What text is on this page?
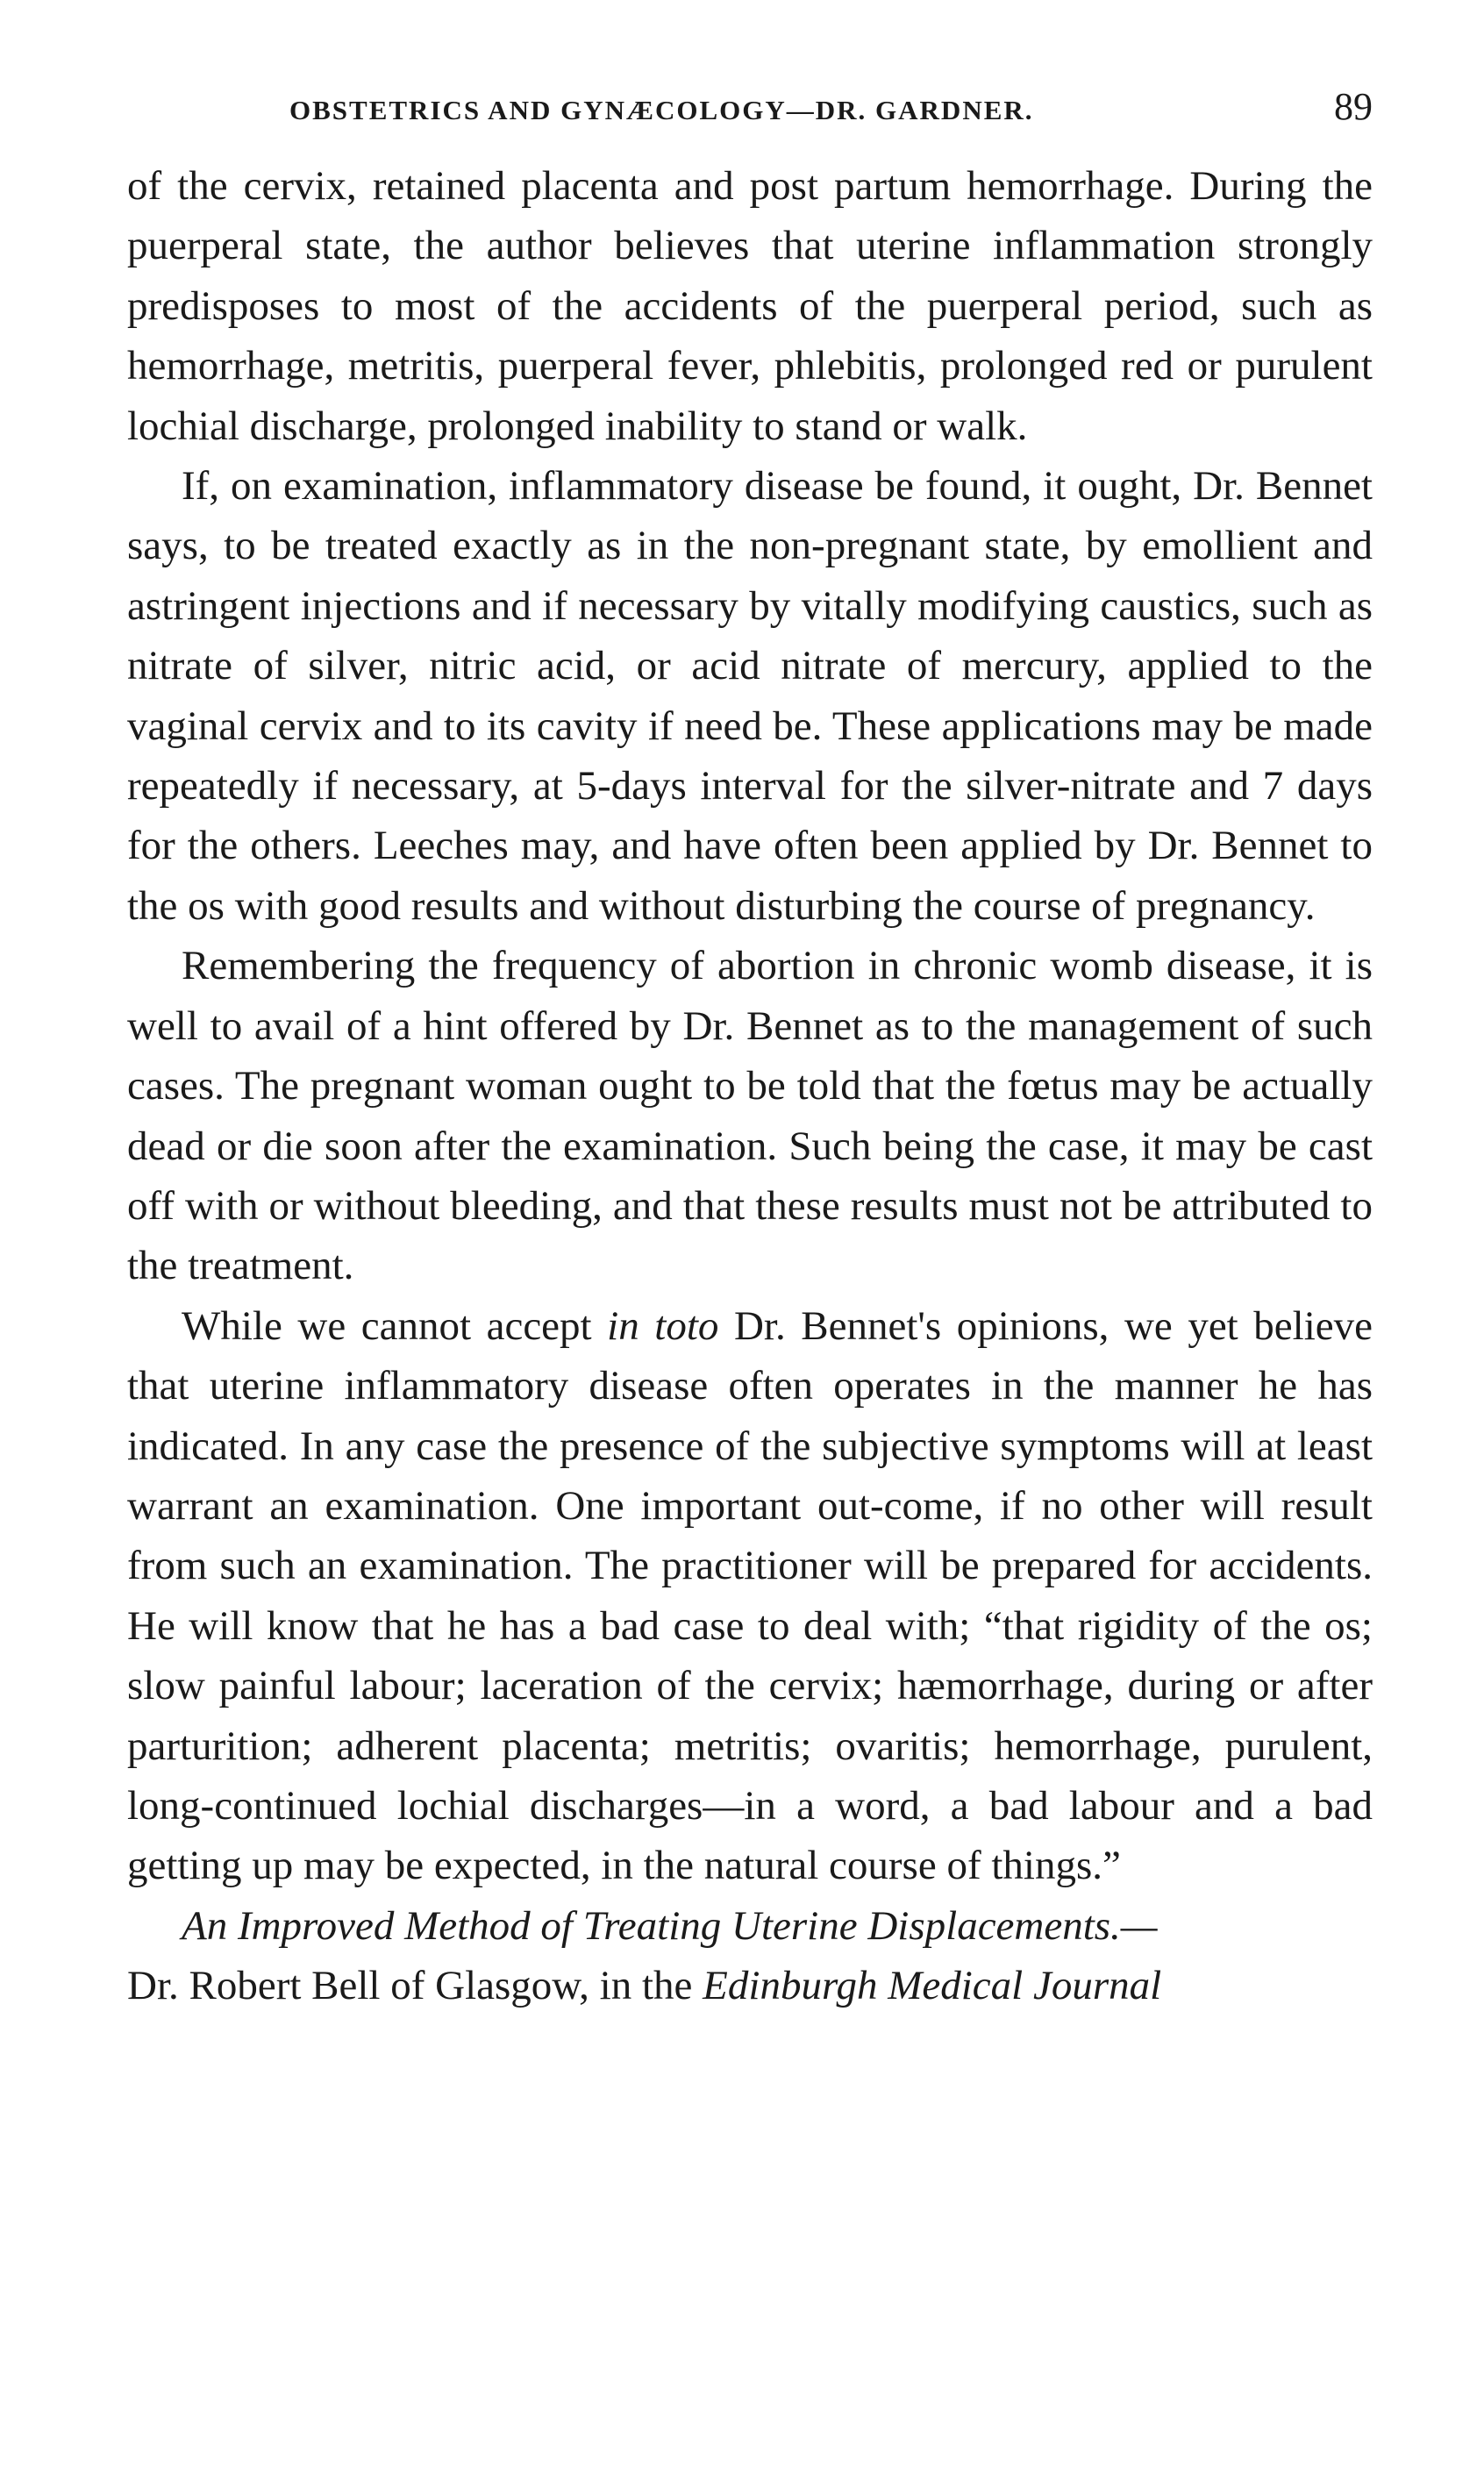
OBSTETRICS AND GYNÆCOLOGY—DR. GARDNER.	89

of the cervix, retained placenta and post partum hemorrhage. During the puerperal state, the author believes that uterine inflammation strongly predisposes to most of the accidents of the puerperal period, such as hemorrhage, metritis, puerperal fever, phlebitis, prolonged red or purulent lochial discharge, prolonged inability to stand or walk.

If, on examination, inflammatory disease be found, it ought, Dr. Bennet says, to be treated exactly as in the non-pregnant state, by emollient and astringent injections and if necessary by vitally modifying caustics, such as nitrate of silver, nitric acid, or acid nitrate of mercury, applied to the vaginal cervix and to its cavity if need be. These applications may be made repeatedly if necessary, at 5-days interval for the silver-nitrate and 7 days for the others. Leeches may, and have often been applied by Dr. Bennet to the os with good results and without disturbing the course of pregnancy.

Remembering the frequency of abortion in chronic womb disease, it is well to avail of a hint offered by Dr. Bennet as to the management of such cases. The pregnant woman ought to be told that the fœtus may be actually dead or die soon after the examination. Such being the case, it may be cast off with or without bleeding, and that these results must not be attributed to the treatment.

While we cannot accept in toto Dr. Bennet's opinions, we yet believe that uterine inflammatory disease often operates in the manner he has indicated. In any case the presence of the subjective symptoms will at least warrant an examination. One important out-come, if no other will result from such an examination. The practitioner will be prepared for accidents. He will know that he has a bad case to deal with; “that rigidity of the os; slow painful labour; laceration of the cervix; hæmorrhage, during or after parturition; adherent placenta; metritis; ovaritis; hemorrhage, purulent, long-continued lochial discharges—in a word, a bad labour and a bad getting up may be expected, in the natural course of things.”

An Improved Method of Treating Uterine Displacements.—

Dr. Robert Bell of Glasgow, in the Edinburgh Medical Journal
